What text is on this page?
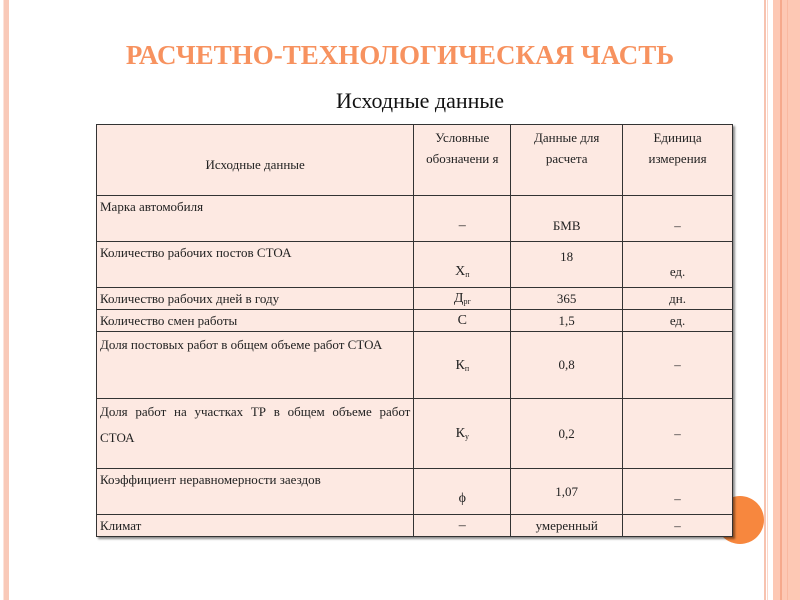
РАСЧЕТНО-ТЕХНОЛОГИЧЕСКАЯ ЧАСТЬ
Исходные данные
Исходные данные	Условные обозначени я	Данные для расчета	Единица измерения
Марка автомобиля	–	БМВ	–
Количество рабочих постов СТОА	$Х_п$	18	ед.
Количество рабочих дней в году	$Д_{рг}$	365	дн.
Количество смен работы	С	1,5	ед.
Доля постовых работ в общем объеме работ СТОА	$К_п$	0,8	–
Доля работ на участках ТР в общем объеме работ СТОА	$К_у$	0,2	–
Коэффициент неравномерности заездов	ϕ	1,07	–
Климат	–	умеренный	–
